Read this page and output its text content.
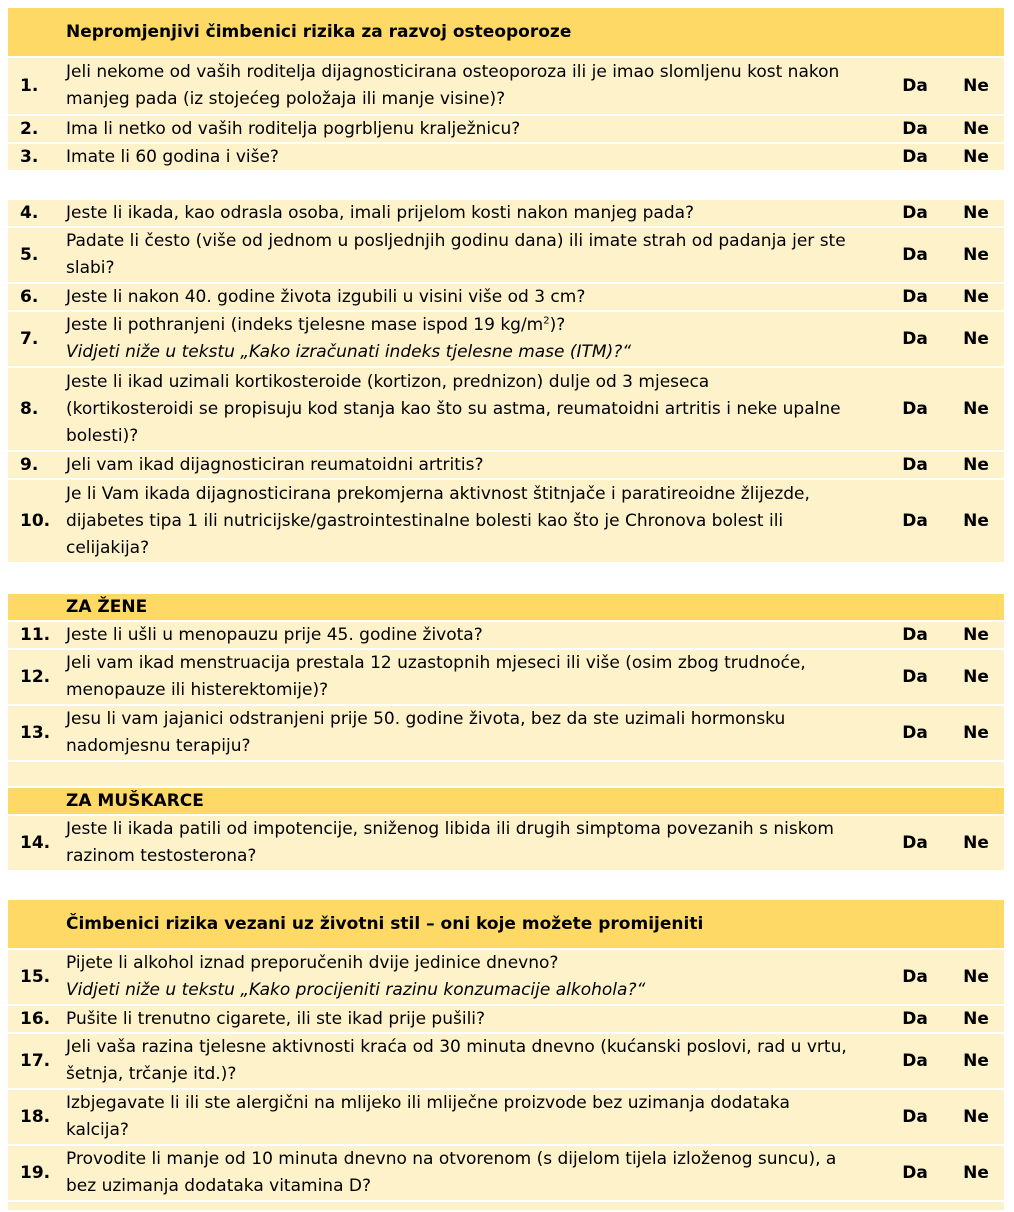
Nepromjenjivi čimbenici rizika za razvoj osteoporoze
1.
Jeli nekome od vaših roditelja dijagnosticirana osteoporoza ili je imao slomljenu kost nakon
manjeg pada (iz stojećeg položaja ili manje visine)?
Da	Ne
2.	Ima li netko od vaših roditelja pogrbljenu kralježnicu?	Da	Ne
3.	Imate li 60 godina i više?	Da	Ne
4.	Jeste li ikada, kao odrasla osoba, imali prijelom kosti nakon manjeg pada?	Da	Ne
5.
Padate li često (više od jednom u posljednjih godinu dana) ili imate strah od padanja jer ste
slabi?
Da	Ne
6.	Jeste li nakon 40. godine života izgubili u visini više od 3 cm?	Da	Ne
7.
Jeste li pothranjeni (indeks tjelesne mase ispod 19 $kg/m^2$)?

Vidjeti niže u tekstu „Kako izračunati indeks tjelesne mase (ITM)?“
Da	Ne
8.
Jeste li ikad uzimali kortikosteroide (kortizon, prednizon) dulje od 3 mjeseca
(kortikosteroidi se propisuju kod stanja kao što su astma, reumatoidni artritis i neke upalne
bolesti)?
Da	Ne
9.	Jeli vam ikad dijagnosticiran reumatoidni artritis?	Da	Ne
10.
Je li Vam ikada dijagnosticirana prekomjerna aktivnost štitnjače i paratireoidne žlijezde,
dijabetes tipa 1 ili nutricijske/gastrointestinalne bolesti kao što je Chronova bolest ili
celijakija?
Da	Ne
ZA ŽENE
11. Jeste li ušli u menopauzu prije 45. godine života?	Da	Ne
12.
Jeli vam ikad menstruacija prestala 12 uzastopnih mjeseci ili više (osim zbog trudnoće,
menopauze ili histerektomije)?
Da	Ne
13.
Jesu li vam jajanici odstranjeni prije 50. godine života, bez da ste uzimali hormonsku
nadomjesnu terapiju?
Da	Ne
ZA MUŠKARCE
14.
Jeste li ikada patili od impotencije, sniženog libida ili drugih simptoma povezanih s niskom
razinom testosterona?
Da	Ne
Čimbenici rizika vezani uz životni stil – oni koje možete promijeniti
15.
Pijete li alkohol iznad preporučenih dvije jedinice dnevno?

Vidjeti niže u tekstu „Kako procijeniti razinu konzumacije alkohola?“
Da	Ne
16. Pušite li trenutno cigarete, ili ste ikad prije pušili?	Da	Ne
17.
Jeli vaša razina tjelesne aktivnosti kraća od 30 minuta dnevno (kućanski poslovi, rad u vrtu,
šetnja, trčanje itd.)?
Da	Ne
18.
Izbjegavate li ili ste alergični na mlijeko ili mliječne proizvode bez uzimanja dodataka
kalcija?
Da	Ne
19.
Provodite li manje od 10 minuta dnevno na otvorenom (s dijelom tijela izloženog suncu), a
bez uzimanja dodataka vitamina D?
Da	Ne
